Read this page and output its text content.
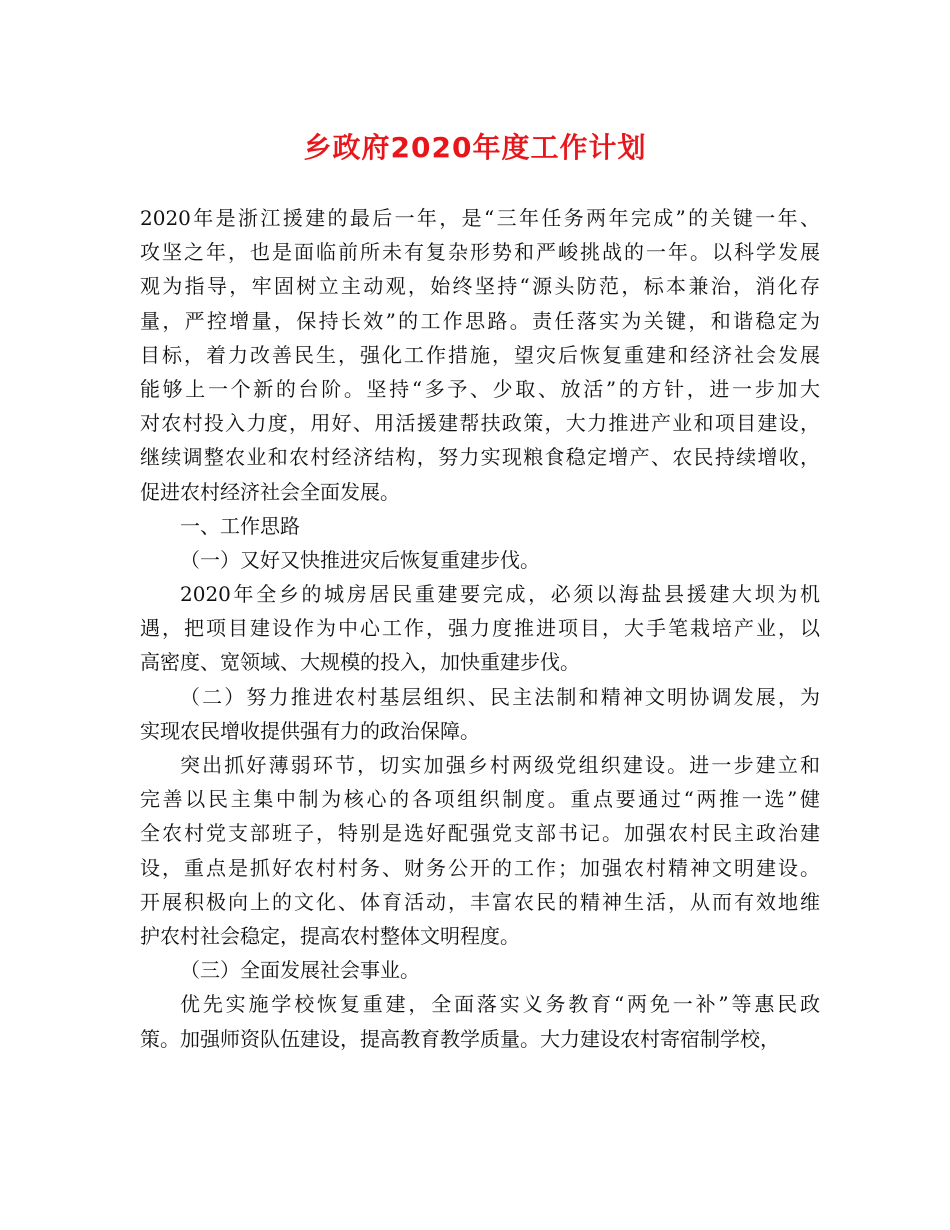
乡政府2020年度工作计划
2020年是浙江援建的最后一年，是“三年任务两年完成”的关键一年、
攻坚之年，也是面临前所未有复杂形势和严峻挑战的一年。以科学发展
观为指导，牢固树立主动观，始终坚持“源头防范，标本兼治，消化存
量，严控增量，保持长效”的工作思路。责任落实为关键，和谐稳定为
目标，着力改善民生，强化工作措施，望灾后恢复重建和经济社会发展
能够上一个新的台阶。坚持“多予、少取、放活”的方针，进一步加大
对农村投入力度，用好、用活援建帮扶政策，大力推进产业和项目建设，
继续调整农业和农村经济结构，努力实现粮食稳定增产、农民持续增收，
促进农村经济社会全面发展。
一、工作思路
（一）又好又快推进灾后恢复重建步伐。
2020年全乡的城房居民重建要完成，必须以海盐县援建大坝为机
遇，把项目建设作为中心工作，强力度推进项目，大手笔栽培产业，以
高密度、宽领域、大规模的投入，加快重建步伐。
（二）努力推进农村基层组织、民主法制和精神文明协调发展，为
实现农民增收提供强有力的政治保障。
突出抓好薄弱环节，切实加强乡村两级党组织建设。进一步建立和
完善以民主集中制为核心的各项组织制度。重点要通过“两推一选”健
全农村党支部班子，特别是选好配强党支部书记。加强农村民主政治建
设，重点是抓好农村村务、财务公开的工作；加强农村精神文明建设。
开展积极向上的文化、体育活动，丰富农民的精神生活，从而有效地维
护农村社会稳定，提高农村整体文明程度。
（三）全面发展社会事业。
优先实施学校恢复重建，全面落实义务教育“两免一补”等惠民政
策。加强师资队伍建设，提高教育教学质量。大力建设农村寄宿制学校，
